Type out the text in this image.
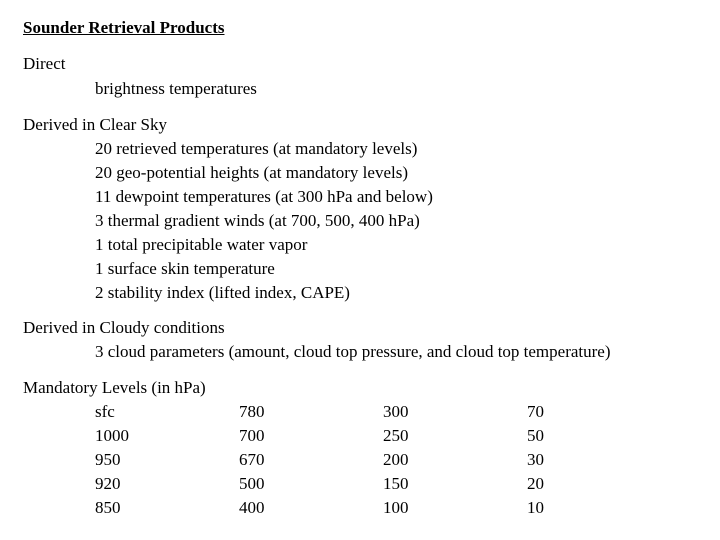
Sounder Retrieval Products
Direct
brightness temperatures
Derived in Clear Sky
20 retrieved temperatures (at mandatory levels)
20 geo-potential heights (at mandatory levels)
11 dewpoint temperatures (at 300 hPa and below)
3 thermal gradient winds (at 700, 500, 400 hPa)
1 total precipitable water vapor
1 surface skin temperature
2 stability index (lifted index, CAPE)
Derived in Cloudy conditions
3 cloud parameters (amount, cloud top pressure, and cloud top temperature)
Mandatory Levels (in hPa)
sfc
1000
950
920
850
780
700
670
500
400
300
250
200
150
100
70
50
30
20
10
